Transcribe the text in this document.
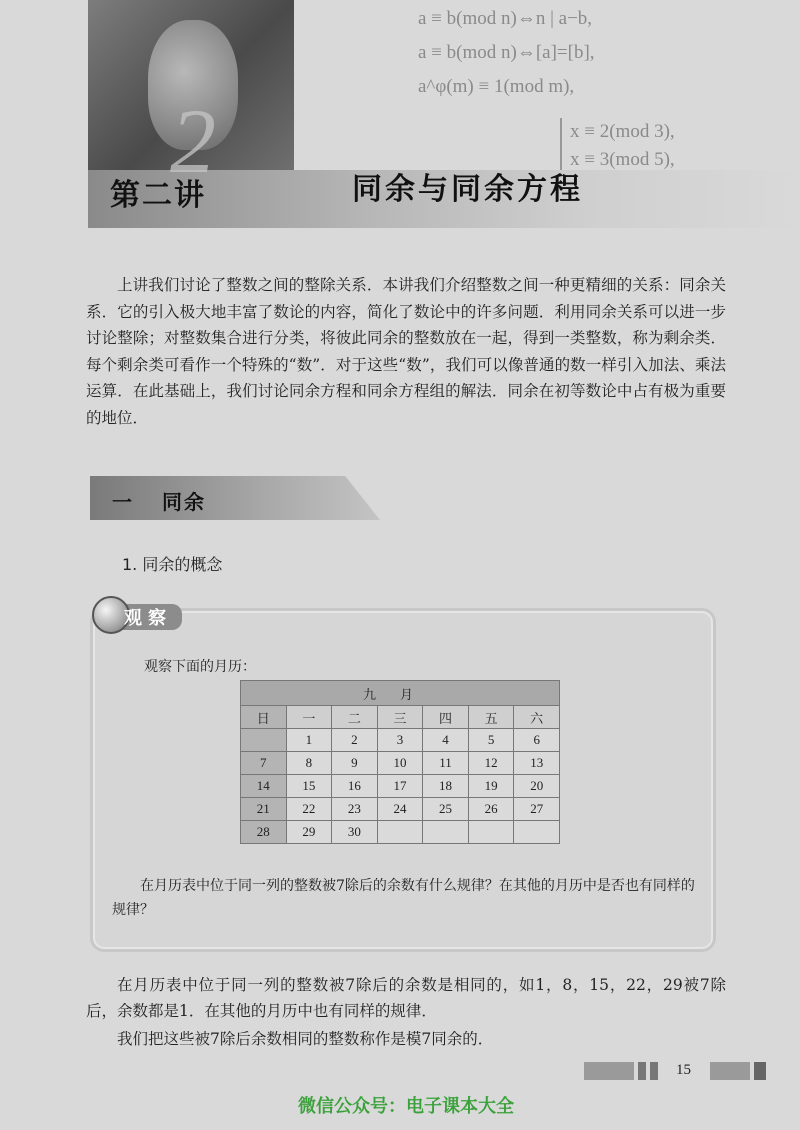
a ≡ b(mod n)⇔n | a−b,
a ≡ b(mod n)⇔[a]=[b],
a^φ(m) ≡ 1(mod m),
x ≡ 2(mod 3),
x ≡ 3(mod 5),
2
第二讲	同余与同余方程
上讲我们讨论了整数之间的整除关系．本讲我们介绍整数之间一种更精细的关系：同余关系．它的引入极大地丰富了数论的内容，简化了数论中的许多问题．利用同余关系可以进一步讨论整除；对整数集合进行分类，将彼此同余的整数放在一起，得到一类整数，称为剩余类．每个剩余类可看作一个特殊的“数”．对于这些“数”，我们可以像普通的数一样引入加法、乘法运算．在此基础上，我们讨论同余方程和同余方程组的解法．同余在初等数论中占有极为重要的地位．
一 同余
1. 同余的概念
观察
观察下面的月历：
九月						
日	一	二	三	四	五	六
	1	2	3	4	5	6
7	8	9	10	11	12	13
14	15	16	17	18	19	20
21	22	23	24	25	26	27
28	29	30				
在月历表中位于同一列的整数被7除后的余数有什么规律？在其他的月历中是否也有同样的规律？
在月历表中位于同一列的整数被7除后的余数是相同的，如1，8，15，22，29被7除后，余数都是1．在其他的月历中也有同样的规律．
我们把这些被7除后余数相同的整数称作是模7同余的．
15
微信公众号：电子课本大全
